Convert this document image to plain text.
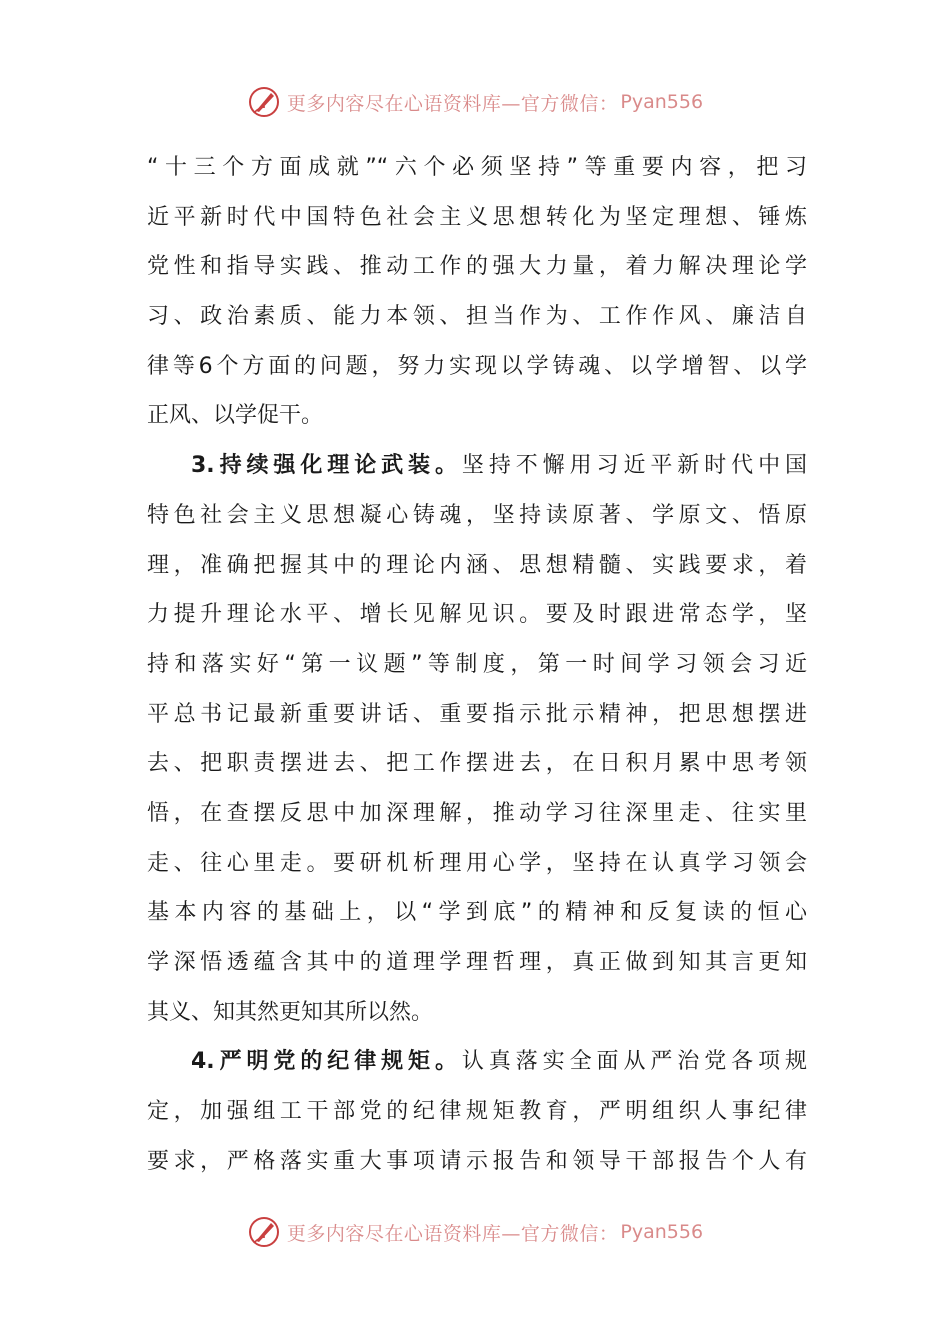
更多内容尽在心语资料库—官方微信： Pyan556
“十三个方面成就”“六个必须坚持”等重要内容，把习
近平新时代中国特色社会主义思想转化为坚定理想、锤炼
党性和指导实践、推动工作的强大力量，着力解决理论学
习、政治素质、能力本领、担当作为、工作作风、廉洁自
律等6个方面的问题，努力实现以学铸魂、以学增智、以学
正风、以学促干。
3.持续强化理论武装。坚持不懈用习近平新时代中国
特色社会主义思想凝心铸魂，坚持读原著、学原文、悟原
理，准确把握其中的理论内涵、思想精髓、实践要求，着
力提升理论水平、增长见解见识。要及时跟进常态学，坚
持和落实好“第一议题”等制度，第一时间学习领会习近
平总书记最新重要讲话、重要指示批示精神，把思想摆进
去、把职责摆进去、把工作摆进去，在日积月累中思考领
悟，在查摆反思中加深理解，推动学习往深里走、往实里
走、往心里走。要研机析理用心学，坚持在认真学习领会
基本内容的基础上，以“学到底”的精神和反复读的恒心
学深悟透蕴含其中的道理学理哲理，真正做到知其言更知
其义、知其然更知其所以然。
4.严明党的纪律规矩。认真落实全面从严治党各项规
定，加强组工干部党的纪律规矩教育，严明组织人事纪律
要求，严格落实重大事项请示报告和领导干部报告个人有
更多内容尽在心语资料库—官方微信： Pyan556
